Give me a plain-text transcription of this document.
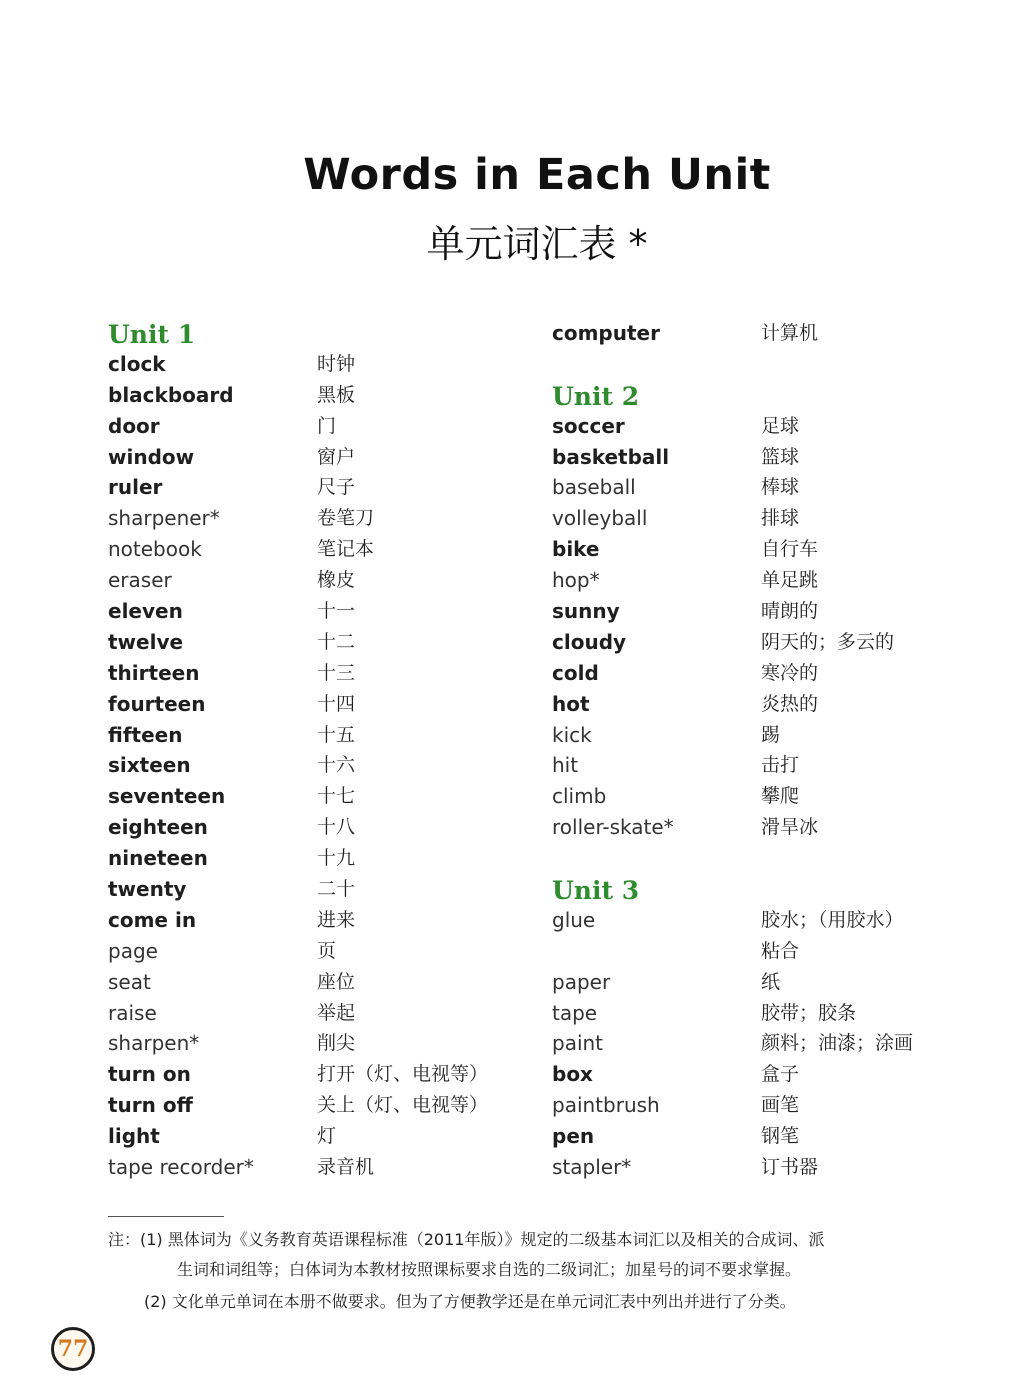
Words in Each Unit
单元词汇表 *
Unit 1
clock	时钟
blackboard	黑板
door	门
window	窗户
ruler	尺子
sharpener*	卷笔刀
notebook	笔记本
eraser	橡皮
eleven	十一
twelve	十二
thirteen	十三
fourteen	十四
fifteen	十五
sixteen	十六
seventeen	十七
eighteen	十八
nineteen	十九
twenty	二十
come in	进来
page	页
seat	座位
raise	举起
sharpen*	削尖
turn on	打开（灯、电视等）
turn off	关上（灯、电视等）
light	灯
tape recorder*	录音机
computer	计算机
Unit 2
soccer	足球
basketball	篮球
baseball	棒球
volleyball	排球
bike	自行车
hop*	单足跳
sunny	晴朗的
cloudy	阴天的；多云的
cold	寒冷的
hot	炎热的
kick	踢
hit	击打
climb	攀爬
roller-skate*	滑旱冰
Unit 3
glue	胶水；（用胶水）
粘合
paper	纸
tape	胶带；胶条
paint	颜料；油漆；涂画
box	盒子
paintbrush	画笔
pen	钢笔
stapler*	订书器
注：(1) 黑体词为《义务教育英语课程标准（2011年版）》规定的二级基本词汇以及相关的合成词、派
生词和词组等；白体词为本教材按照课标要求自选的二级词汇；加星号的词不要求掌握。
(2) 文化单元单词在本册不做要求。但为了方便教学还是在单元词汇表中列出并进行了分类。
77
